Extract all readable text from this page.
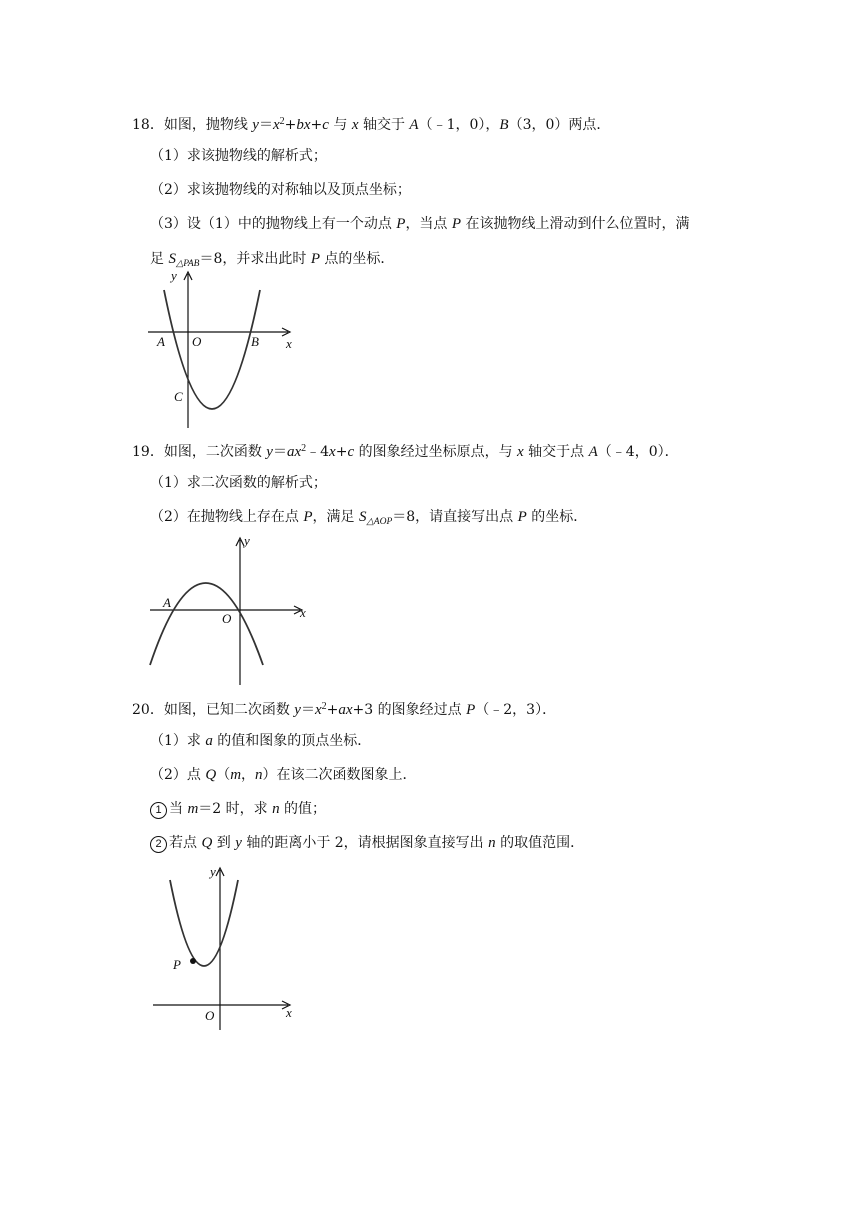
18．如图，抛物线 $y=x^2+bx+c$ 与 x 轴交于 A（﹣1，0），B（3，0）两点．
（1）求该抛物线的解析式；
（2）求该抛物线的对称轴以及顶点坐标；
（3）设（1）中的抛物线上有一个动点 P，当点 P 在该抛物线上滑动到什么位置时，满
足 $S_{\triangle PAB}=8$，并求出此时 P 点的坐标．
y
A O	B x
C
19．如图，二次函数 $y=ax^2﹣4x+c$ 的图象经过坐标原点，与 x 轴交于点 A（﹣4，0）．
（1）求二次函数的解析式；
（2）在抛物线上存在点 P，满足 $S_{\triangle AOP}=8$，请直接写出点 P 的坐标．
y
A
O	x
20．如图，已知二次函数 $y=x^2+ax+3$ 的图象经过点 P（﹣2，3）．
（1）求 a 的值和图象的顶点坐标．
（2）点 Q（m，n）在该二次函数图象上．
1 当 m＝2 时，求 n 的值；
2 若点 Q 到 y 轴的距离小于 2，请根据图象直接写出 n 的取值范围．
y
P
O	x
